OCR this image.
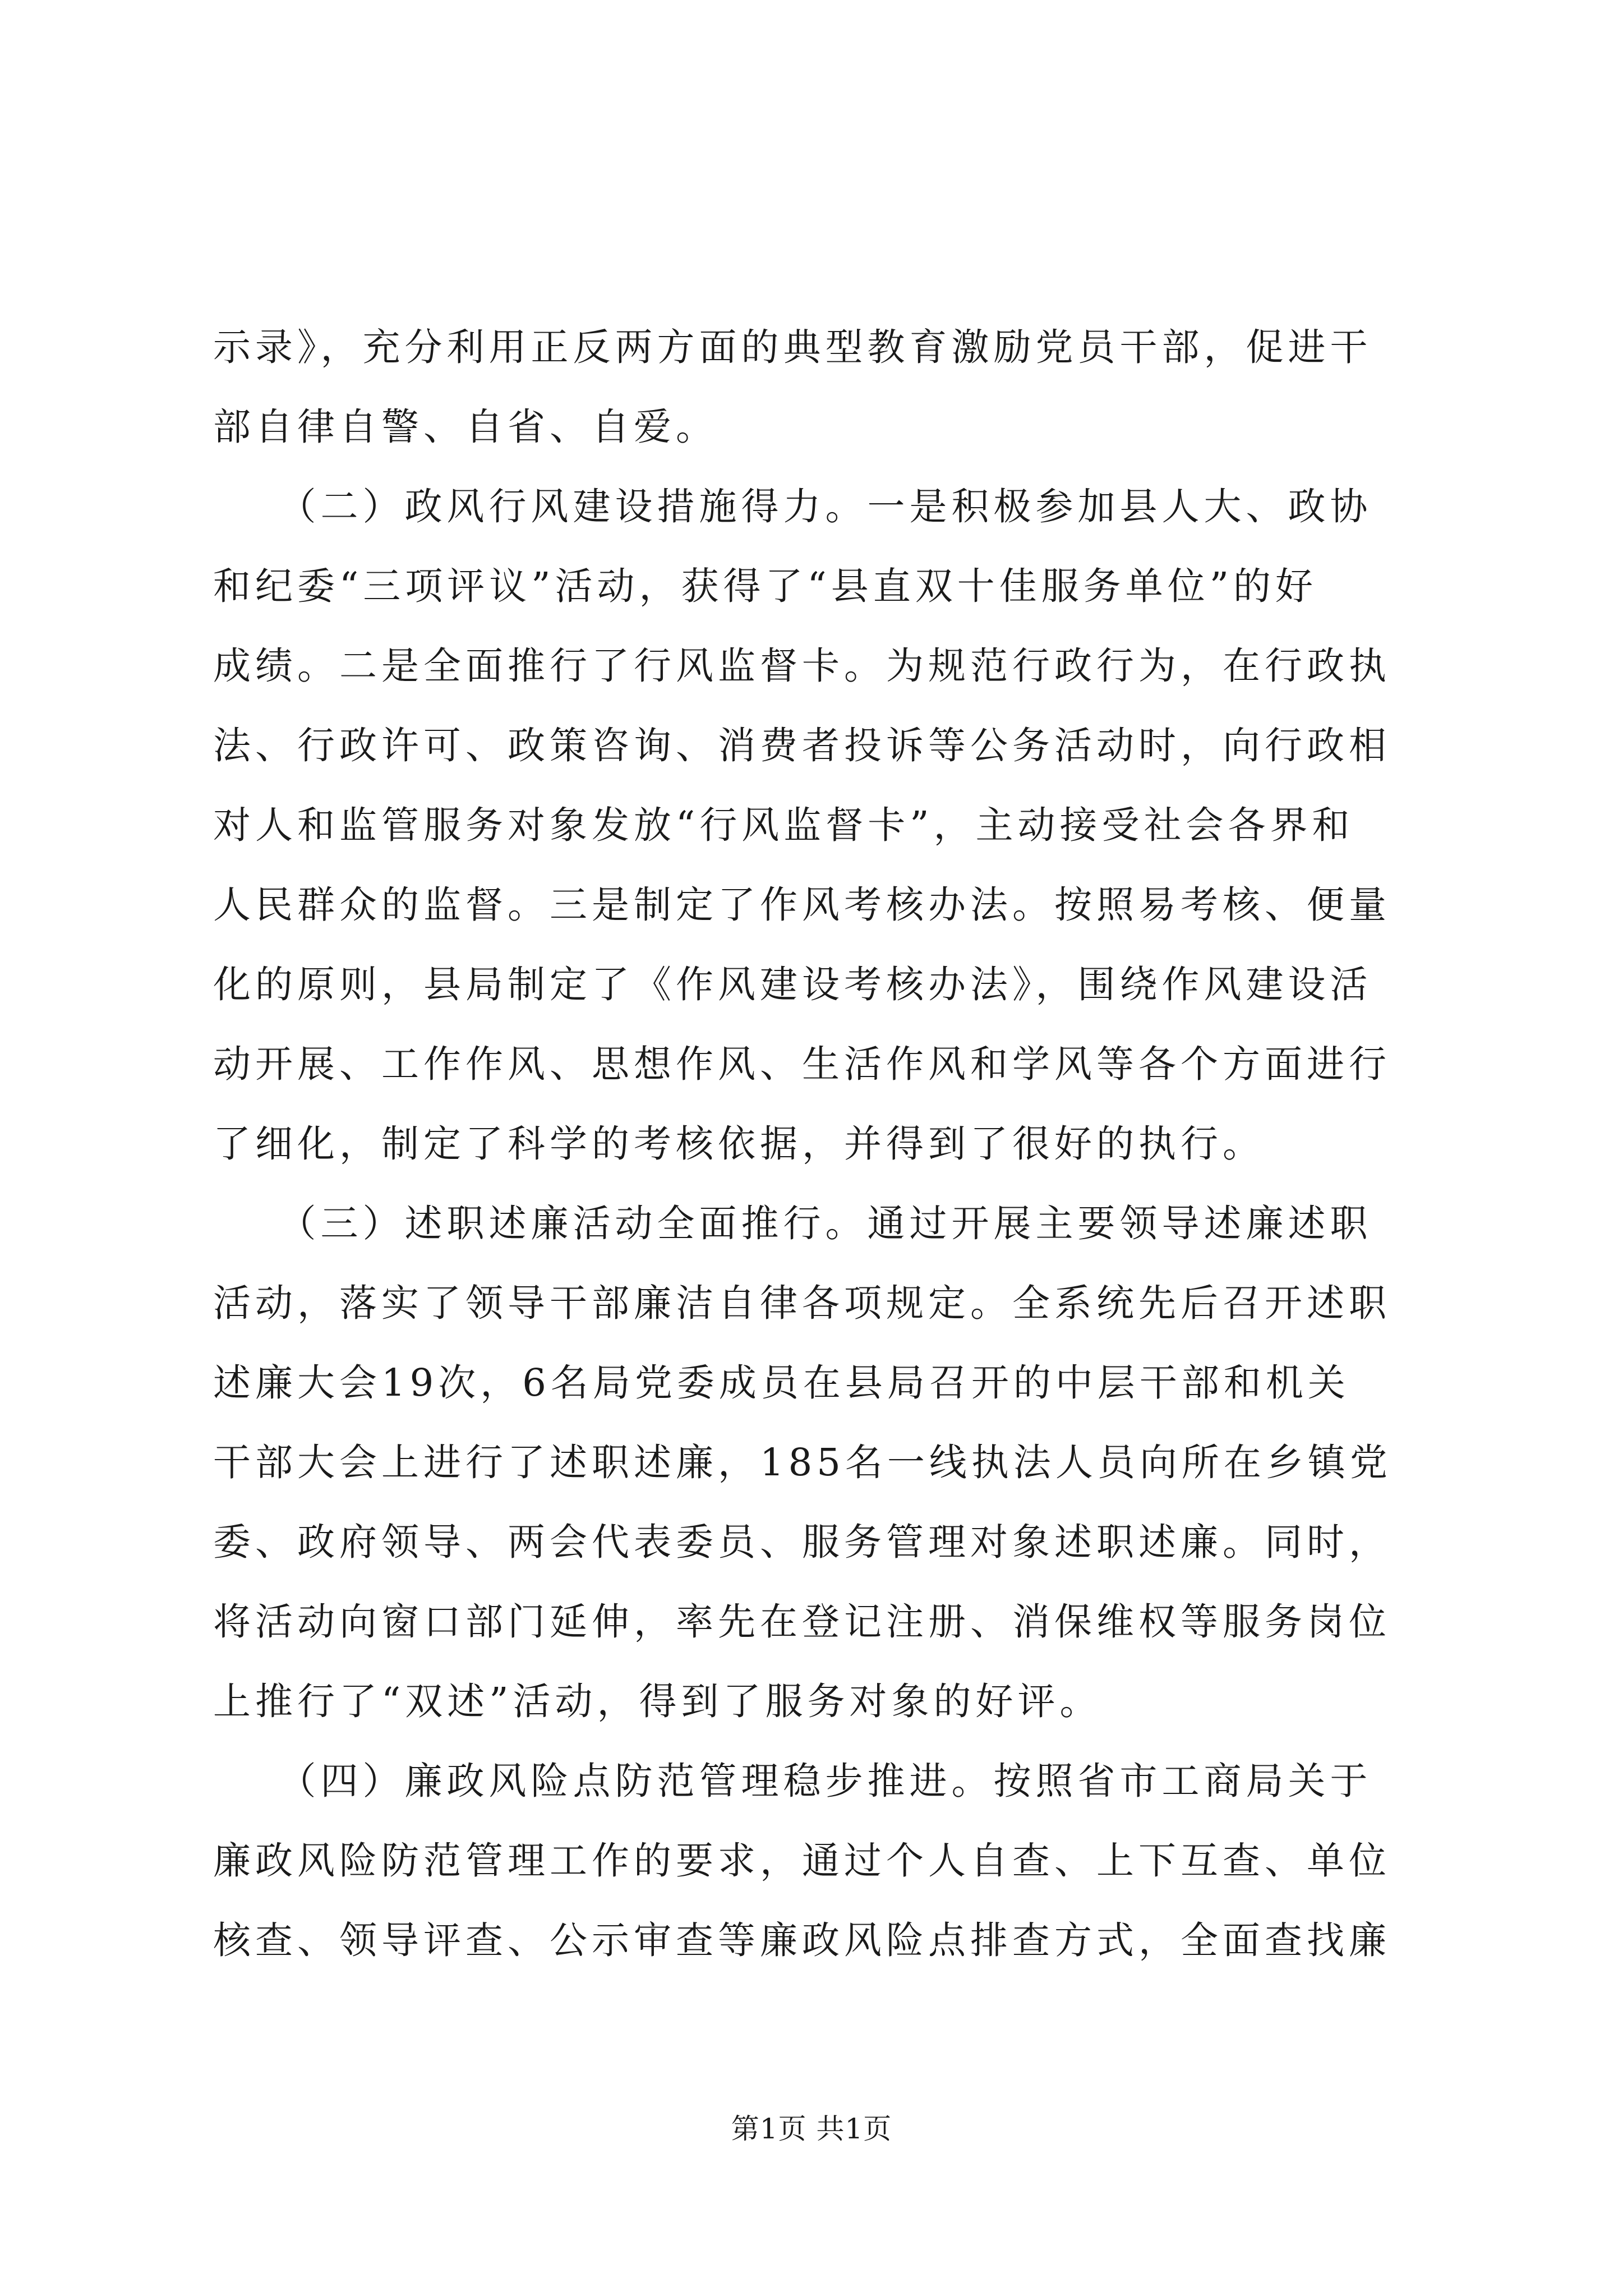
示录》，充分利用正反两方面的典型教育激励党员干部，促进干
部自律自警、自省、自爱。
　　（二）政风行风建设措施得力。一是积极参加县人大、政协
和纪委“三项评议”活动，获得了“县直双十佳服务单位”的好
成绩。二是全面推行了行风监督卡。为规范行政行为，在行政执
法、行政许可、政策咨询、消费者投诉等公务活动时，向行政相
对人和监管服务对象发放“行风监督卡”，主动接受社会各界和
人民群众的监督。三是制定了作风考核办法。按照易考核、便量
化的原则，县局制定了《作风建设考核办法》，围绕作风建设活
动开展、工作作风、思想作风、生活作风和学风等各个方面进行
了细化，制定了科学的考核依据，并得到了很好的执行。
　　（三）述职述廉活动全面推行。通过开展主要领导述廉述职
活动，落实了领导干部廉洁自律各项规定。全系统先后召开述职
述廉大会19次，6名局党委成员在县局召开的中层干部和机关
干部大会上进行了述职述廉，185名一线执法人员向所在乡镇党
委、政府领导、两会代表委员、服务管理对象述职述廉。同时，
将活动向窗口部门延伸，率先在登记注册、消保维权等服务岗位
上推行了“双述”活动，得到了服务对象的好评。
　　（四）廉政风险点防范管理稳步推进。按照省市工商局关于
廉政风险防范管理工作的要求，通过个人自查、上下互查、单位
核查、领导评查、公示审查等廉政风险点排查方式，全面查找廉
第1页 共1页
